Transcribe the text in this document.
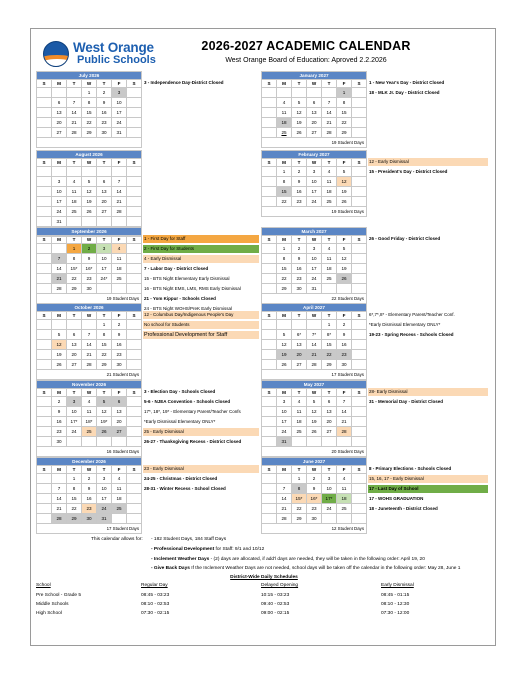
West Orange
Public Schools
2026-2027 ACADEMIC CALENDAR
West Orange Board of Education: Aproved 2.2.2026
July 2026						
S	M	T	W	T	F	S
			1	2	3	
	6	7	8	9	10	
	13	14	15	16	17	
	20	21	22	23	24	
	27	28	29	30	31	

January 2027						
S	M	T	W	T	F	S
					1	
	4	5	6	7	8	
	11	12	13	14	15	
	18	19	20	21	22	
	25	26	27	28	29	
19 Student Days						
August 2026						
S	M	T	W	T	F	S

	3	4	5	6	7	
	10	11	12	13	14	
	17	18	19	20	21	
	24	25	26	27	28	
	31					

February 2027						
S	M	T	W	T	F	S
	1	2	3	4	5	
	8	9	10	11	12	
	15	16	17	18	19	
	22	23	24	25	26	
19 Student Days						
September 2026						
S	M	T	W	T	F	S
		1	2	3	4	
	7	8	9	10	11	
	14	15*	16*	17	18	
	21	22	23	24*	25	
	28	29	30			
19 Student Days						
March 2027						
S	M	T	W	T	F	S
	1	2	3	4	5	
	8	9	10	11	12	
	15	16	17	18	19	
	22	23	24	25	26	
	29	30	31			
22 Student Days						
October 2026						
S	M	T	W	T	F	S
				1	2	
	5	6	7	8	9	
	12	13	14	15	16	
	19	20	21	22	23	
	26	27	28	29	30	
21 Student Days						
April 2027						
S	M	T	W	T	F	S
				1	2	
	5	6*	7*	8*	9	
	12	13	14	15	16	
	19	20	21	22	23	
	26	27	28	29	30	
17 Student Days						
November 2026						
S	M	T	W	T	F	S
	2	3	4	5	6	
	9	10	11	12	13	
	16	17*	18*	19*	20	
	23	24	25	26	27	
	30					
16 Student Days						
May 2027						
S	M	T	W	T	F	S
	3	4	5	6	7	
	10	11	12	13	14	
	17	18	19	20	21	
	24	25	26	27	28	
	31					
20 Student Days						
December 2026						
S	M	T	W	T	F	S
		1	2	3	4	
	7	8	9	10	11	
	14	15	16	17	18	
	21	22	23	24	25	
	28	29	30	31		
17 Student Days						
June 2027						
S	M	T	W	T	F	S
		1	2	3	4	
	7	8	9	10	11	
	14	15*	16*	17*	18	
	21	22	23	24	25	
	28	29	30			
12 Student Days						
3 - Independence Day-District Closed	1 - New Year's Day - District Closed
18 - MLK Jr. Day - District Closed
12 - Early Dismissal
15 - President's Day - District Closed
1 - First Day for Staff
2 - First Day for Students
4 - Early Dismissal
7 - Labor Day - District Closed
15 - BTS Night Elementary Early Dismissal
16 - BTS Night EMS, LMS, RMS Early Dismissal
21 - Yom Kippur - Schools Closed
24 - BTS Night WOHS/PreK Early Dismissal
26 - Good Friday - District Closed
12 - Columbus Day/Indigenous People's Day
No school for Students
Professional Development for Staff
6*,7*,8* - Elementary Parent/Teacher Conf.
*Early Dismissal Elementary ONLY*
19-23 - Spring Recess - Schools Closed
3 - Election Day - Schools Closed
5-6 - NJEA Convention - Schools Closed
17*, 18*, 19* - Elementary Parent/Teacher Confs
*Early Dismissal Elementary ONLY*
25 - Early Dismissal
26-27 - Thanksgiving Recess - District Closed
28- Early Dismissal
31 - Memorial Day - District Closed
23 - Early Dismissal
24-25 - Christmas - District Closed
28-31 - Winter Recess - School Closed
8 - Primary Elections - Schools Closed
15, 16, 17 - Early Dismissal
17 - Last Day of School
17 - WOHS GRADUATION
18 - Juneteenth - District Closed
This calendar allows for: - 182 Student Days, 184 Staff Days
- Professional Development for Staff: 9/1 and 10/12
- Inclement Weather Days - (2) days are allocated, if add'l days are needed, they will be taken in the following order: April 19, 20
- Give Back Days If the Inclement Weather Days are not needed, school days will be taken off the calendar in the following order: May 28, June 1
District-Wide Daily Schedules
School	Regular Day	Delayed Opening	Early Dismissal
Pre School - Grade 5	08:45 - 03:23	10:15 - 03:23	08:45 - 01:15
Middle Schools	08:10 - 02:53	09:40 - 02:53	08:10 - 12:30
High School	07:30 - 02:15	09:00 - 02:15	07:30 - 12:00
